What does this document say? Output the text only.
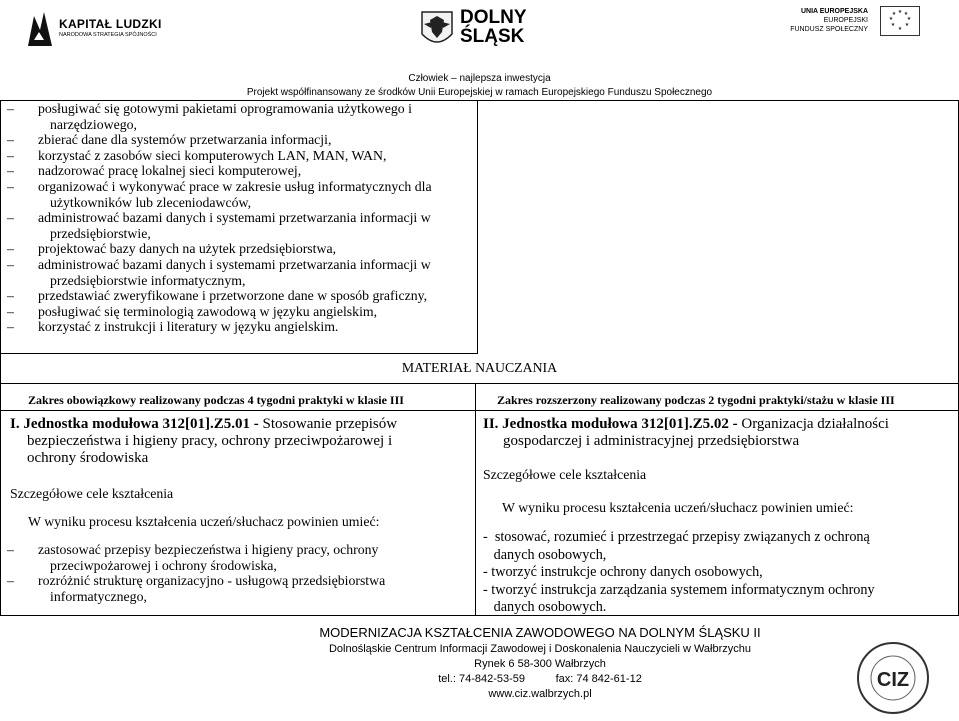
KAPITAŁ LUDZKI
NARODOWA STRATEGIA SPÓJNOŚCI
DOLNY
ŚLĄSK
UNIA EUROPEJSKA
EUROPEJSKI
FUNDUSZ SPOŁECZNY
★ ★
★
★
★
★
★
★
Człowiek – najlepsza inwestycja
Projekt współfinansowany ze środków Unii Europejskiej w ramach Europejskiego Funduszu Społecznego
– posługiwać się gotowymi pakietami oprogramowania użytkowego i
narzędziowego,
– zbierać dane dla systemów przetwarzania informacji,
– korzystać z zasobów sieci komputerowych LAN, MAN, WAN,
– nadzorować pracę lokalnej sieci komputerowej,
– organizować i wykonywać prace w zakresie usług informatycznych dla
użytkowników lub zleceniodawców,
– administrować bazami danych i systemami przetwarzania informacji w
przedsiębiorstwie,
– projektować bazy danych na użytek przedsiębiorstwa,
– administrować bazami danych i systemami przetwarzania informacji w
przedsiębiorstwie informatycznym,
– przedstawiać zweryfikowane i przetworzone dane w sposób graficzny,
– posługiwać się terminologią zawodową w języku angielskim,
– korzystać z instrukcji i literatury w języku angielskim.
MATERIAŁ NAUCZANIA
Zakres obowiązkowy realizowany podczas 4 tygodni praktyki w klasie III
I. Jednostka modułowa 312[01].Z5.01 - Stosowanie przepisów
bezpieczeństwa i higieny pracy, ochrony przeciwpożarowej i
ochrony środowiska
Szczegółowe cele kształcenia
W wyniku procesu kształcenia uczeń/słuchacz powinien umieć:
– zastosować przepisy bezpieczeństwa i higieny pracy, ochrony
przeciwpożarowej i ochrony środowiska,
– rozróżnić strukturę organizacyjno - usługową przedsiębiorstwa
informatycznego,
Zakres rozszerzony realizowany podczas 2 tygodni praktyki/stażu w klasie III
II. Jednostka modułowa 312[01].Z5.02 - Organizacja działalności
gospodarczej i administracyjnej przedsiębiorstwa
Szczegółowe cele kształcenia
W wyniku procesu kształcenia uczeń/słuchacz powinien umieć:
-  stosować, rozumieć i przestrzegać przepisy związanych z ochroną
danych osobowych,
- tworzyć instrukcje ochrony danych osobowych,
- tworzyć instrukcja zarządzania systemem informatycznym ochrony
danych osobowych.
MODERNIZACJA KSZTAŁCENIA ZAWODOWEGO NA DOLNYM ŚLĄSKU II
Dolnośląskie Centrum Informacji Zawodowej i Doskonalenia Nauczycieli w Wałbrzychu
Rynek 6 58-300 Wałbrzych
tel.: 74-842-53-59          fax: 74 842-61-12
www.ciz.walbrzych.pl
CIZ
